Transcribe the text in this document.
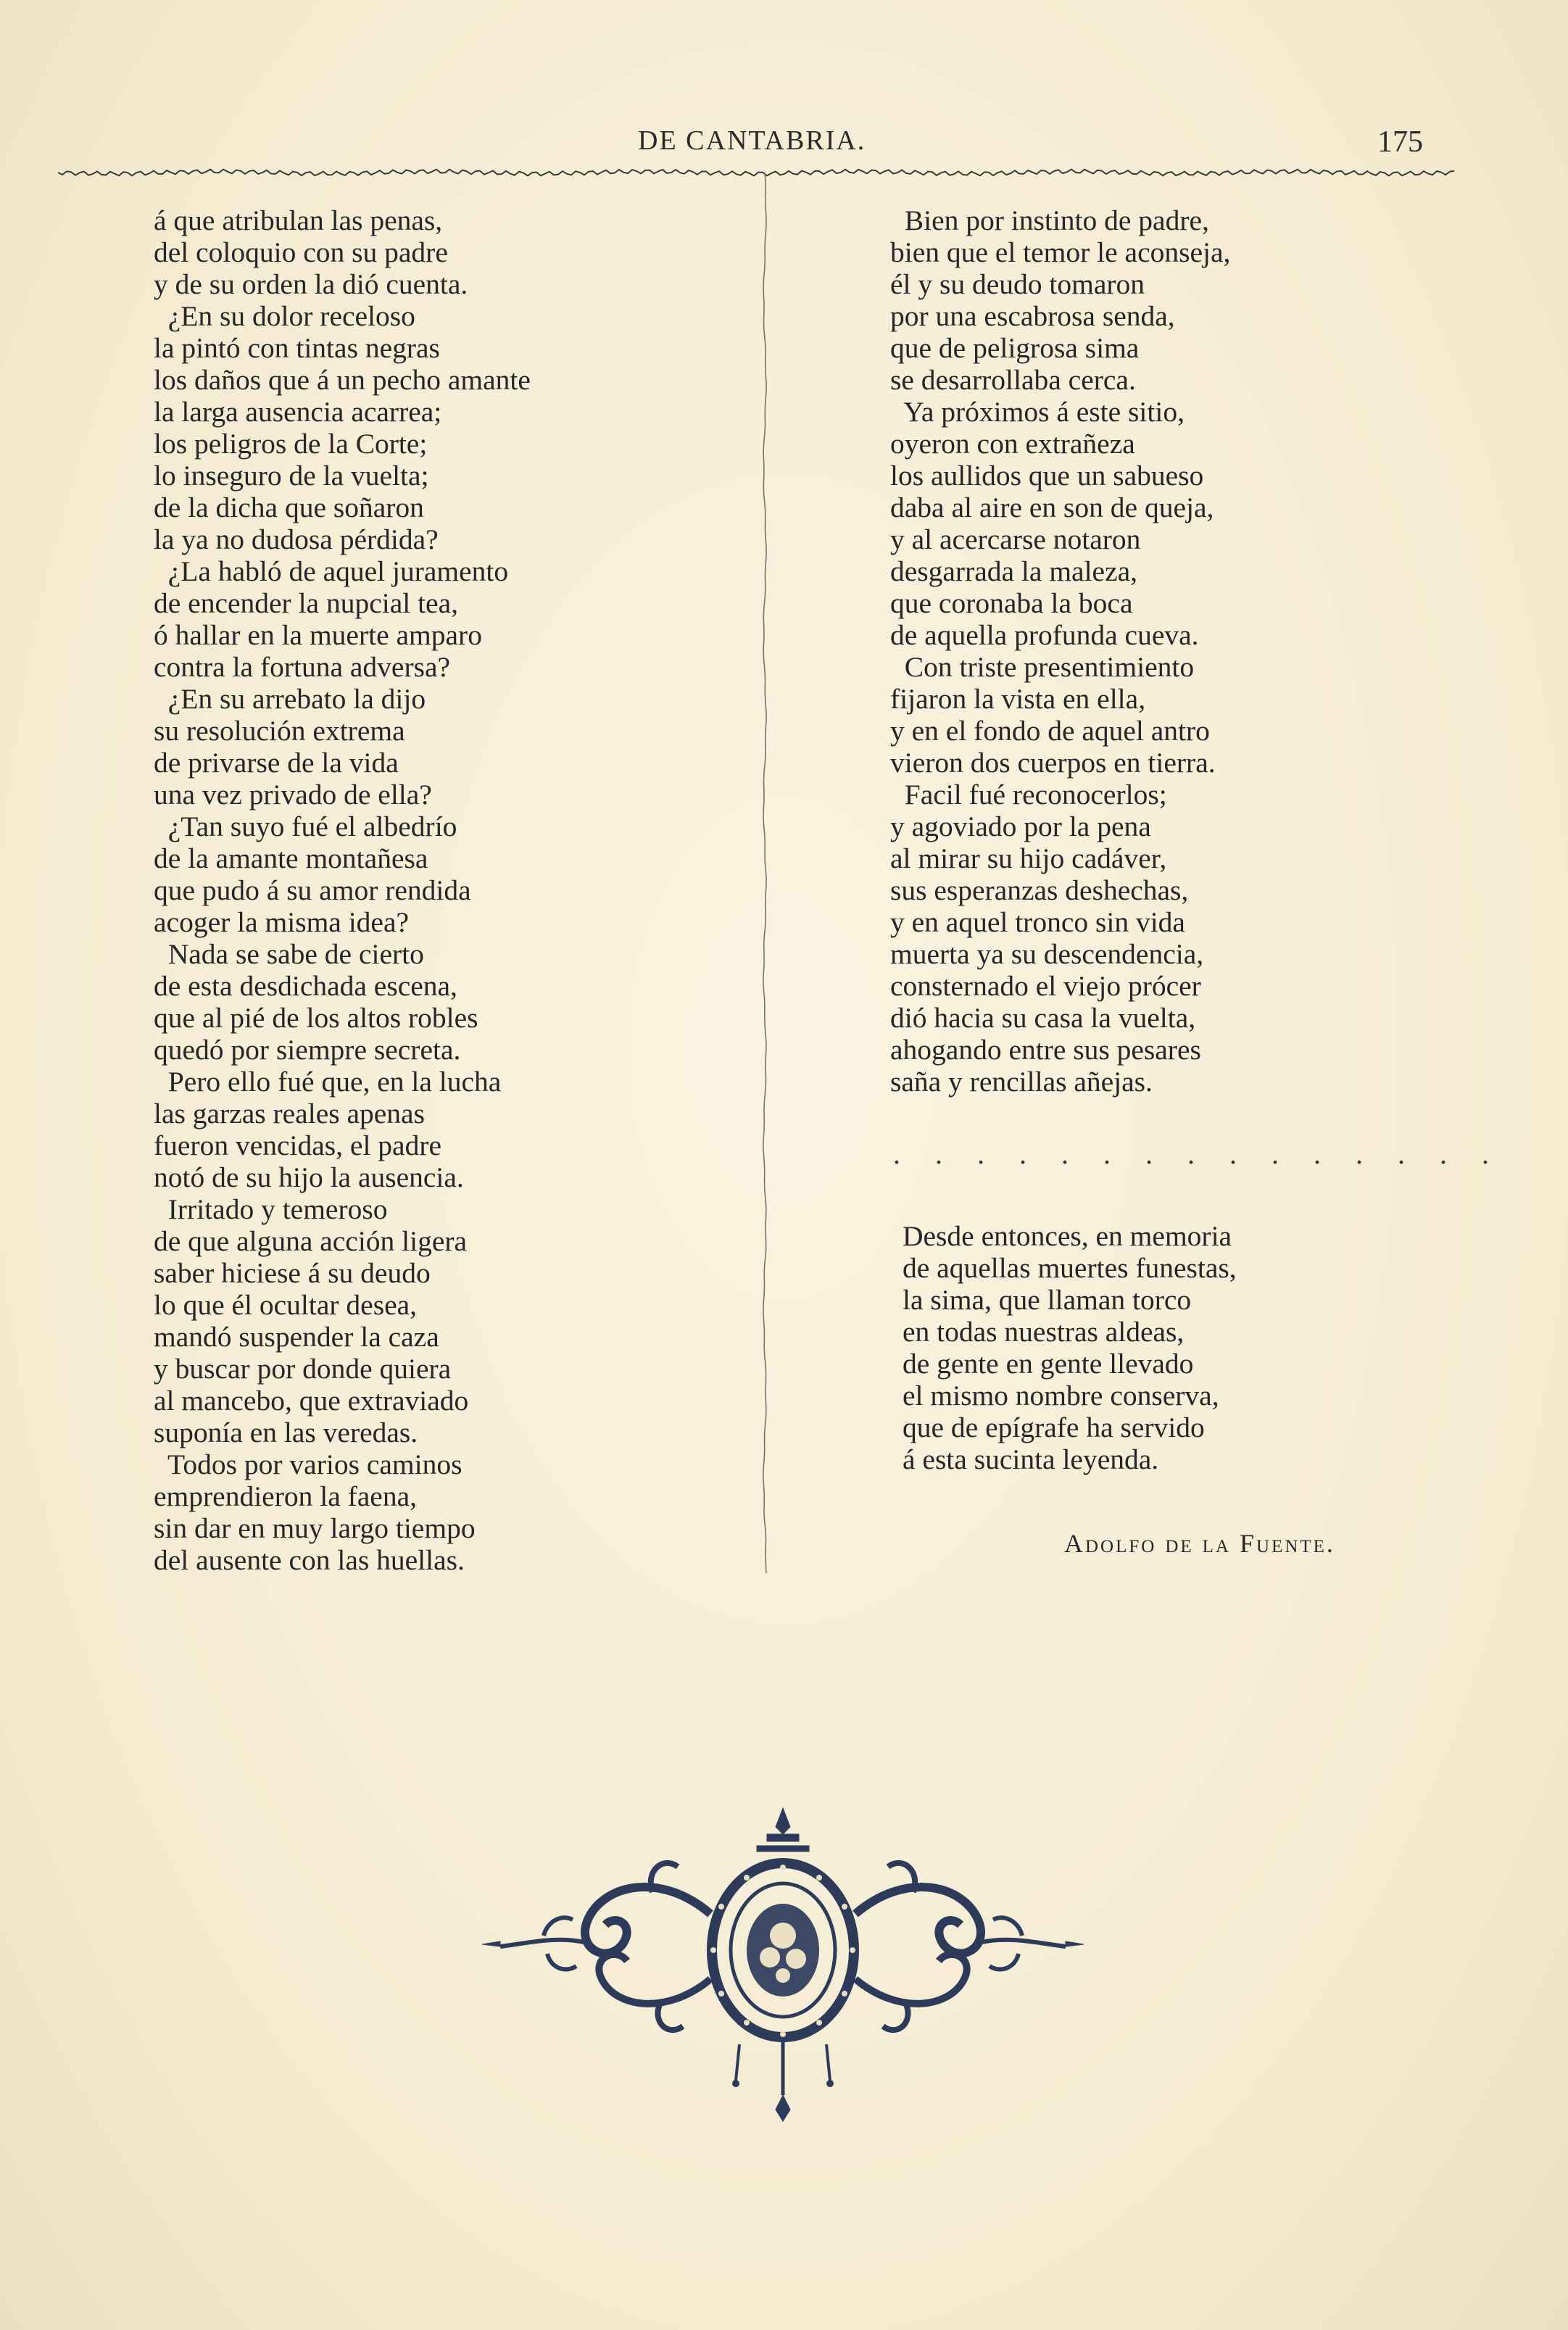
DE CANTABRIA.	175
á que atribulan las penas,
del coloquio con su padre
y de su orden la dió cuenta.
¿En su dolor receloso
la pintó con tintas negras
los daños que á un pecho amante
la larga ausencia acarrea;
los peligros de la Corte;
lo inseguro de la vuelta;
de la dicha que soñaron
la ya no dudosa pérdida?
¿La habló de aquel juramento
de encender la nupcial tea,
ó hallar en la muerte amparo
contra la fortuna adversa?
¿En su arrebato la dijo
su resolución extrema
de privarse de la vida
una vez privado de ella?
¿Tan suyo fué el albedrío
de la amante montañesa
que pudo á su amor rendida
acoger la misma idea?
Nada se sabe de cierto
de esta desdichada escena,
que al pié de los altos robles
quedó por siempre secreta.
Pero ello fué que, en la lucha
las garzas reales apenas
fueron vencidas, el padre
notó de su hijo la ausencia.
Irritado y temeroso
de que alguna acción ligera
saber hiciese á su deudo
lo que él ocultar desea,
mandó suspender la caza
y buscar por donde quiera
al mancebo, que extraviado
suponía en las veredas.
Todos por varios caminos
emprendieron la faena,
sin dar en muy largo tiempo
del ausente con las huellas.
Bien por instinto de padre,
bien que el temor le aconseja,
él y su deudo tomaron
por una escabrosa senda,
que de peligrosa sima
se desarrollaba cerca.
Ya próximos á este sitio,
oyeron con extrañeza
los aullidos que un sabueso
daba al aire en son de queja,
y al acercarse notaron
desgarrada la maleza,
que coronaba la boca
de aquella profunda cueva.
Con triste presentimiento
fijaron la vista en ella,
y en el fondo de aquel antro
vieron dos cuerpos en tierra.
Facil fué reconocerlos;
y agoviado por la pena
al mirar su hijo cadáver,
sus esperanzas deshechas,
y en aquel tronco sin vida
muerta ya su descendencia,
consternado el viejo prócer
dió hacia su casa la vuelta,
ahogando entre sus pesares
saña y rencillas añejas.
. . . . . . . . . . . . . . .
Desde entonces, en memoria
de aquellas muertes funestas,
la sima, que llaman torco
en todas nuestras aldeas,
de gente en gente llevado
el mismo nombre conserva,
que de epígrafe ha servido
á esta sucinta leyenda.
Adolfo de la Fuente.
